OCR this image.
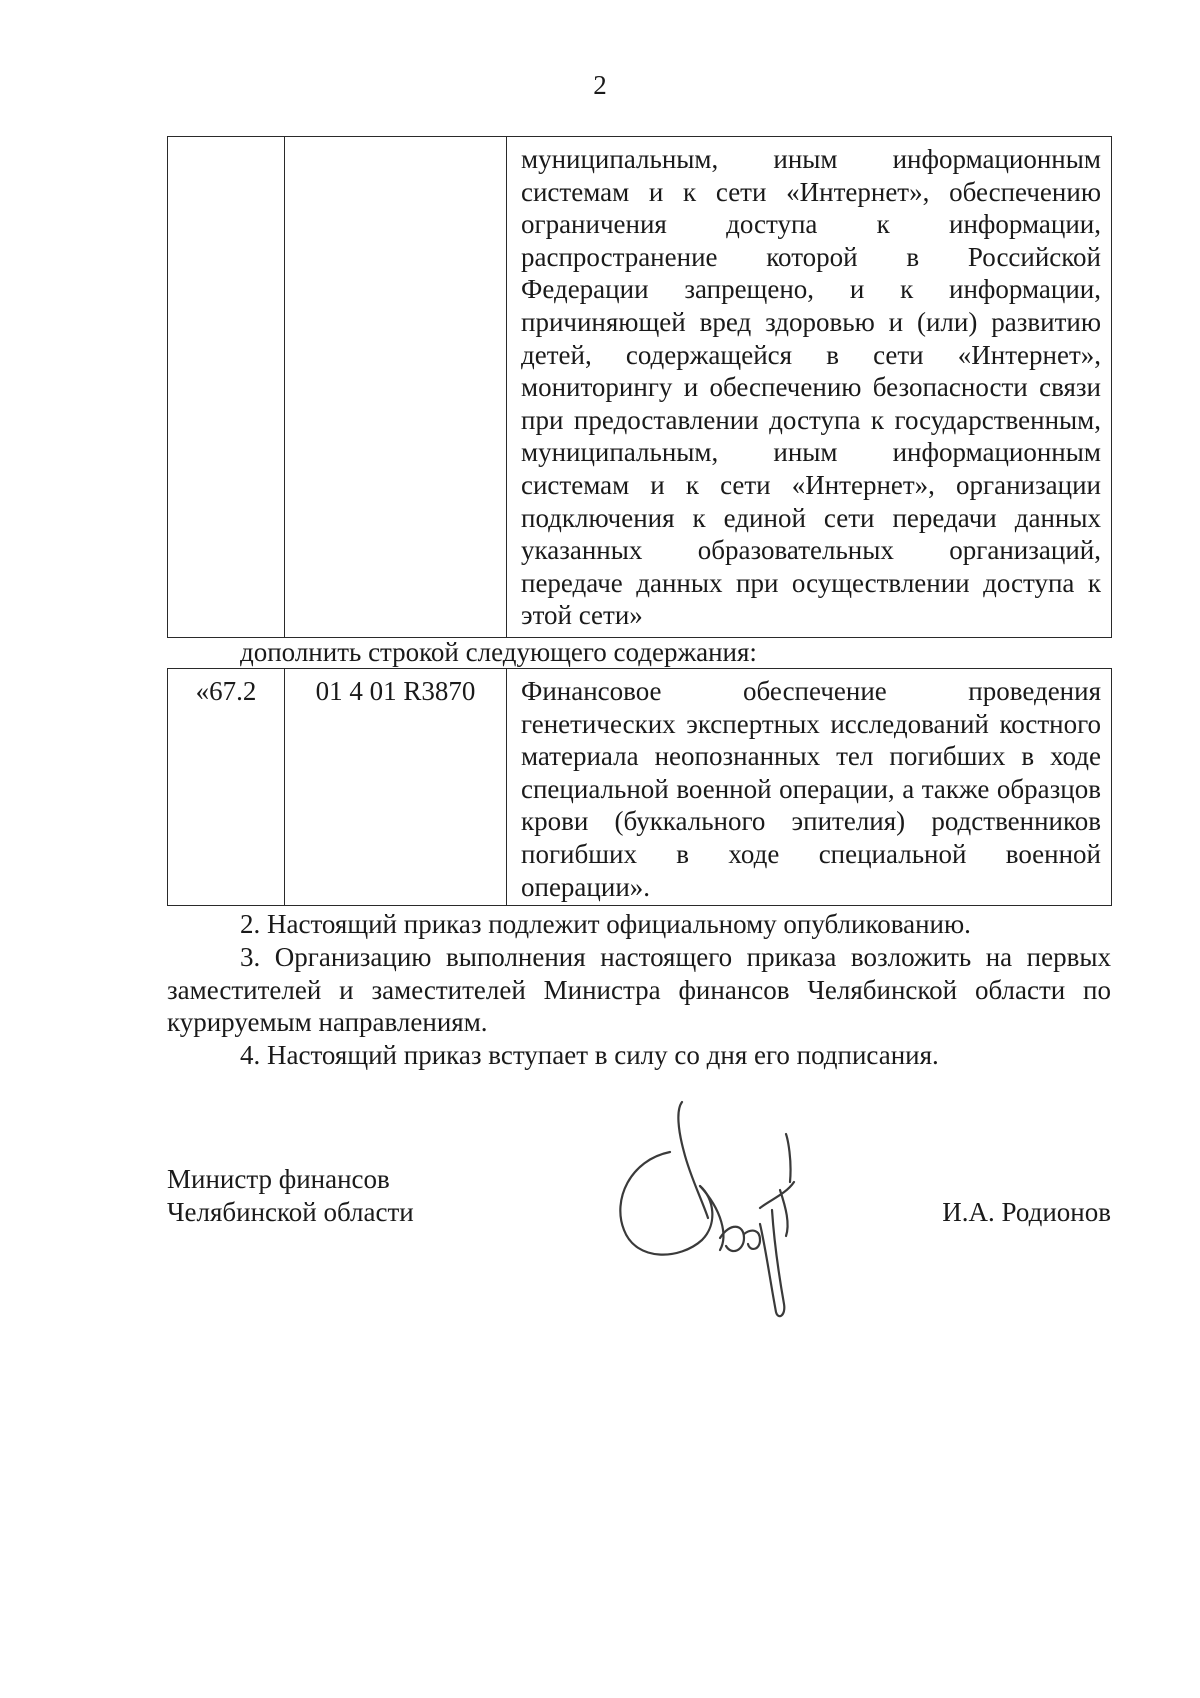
2
		муниципальным, иным информационным системам и к сети «Интернет», обеспечению ограничения доступа к информации, распространение которой в Российской Федерации запрещено, и к информации, причиняющей вред здоровью и (или) развитию детей, содержащейся в сети «Интернет», мониторингу и обеспечению безопасности связи при предоставлении доступа к государственным, муниципальным, иным информационным системам и к сети «Интернет», организации подключения к единой сети передачи данных указанных образовательных организаций, передаче данных при осуществлении доступа к этой сети»
дополнить строкой следующего содержания:
«67.2	01 4 01 R3870	Финансовое обеспечение проведения генетических экспертных исследований костного материала неопознанных тел погибших в ходе специальной военной операции, а также образцов крови (буккального эпителия) родственников погибших в ходе специальной военной операции».
2. Настоящий приказ подлежит официальному опубликованию.
3. Организацию выполнения настоящего приказа возложить на первых заместителей и заместителей Министра финансов Челябинской области по курируемым направлениям.
4. Настоящий приказ вступает в силу со дня его подписания.
Министр финансов
Челябинской области	И.А. Родионов
